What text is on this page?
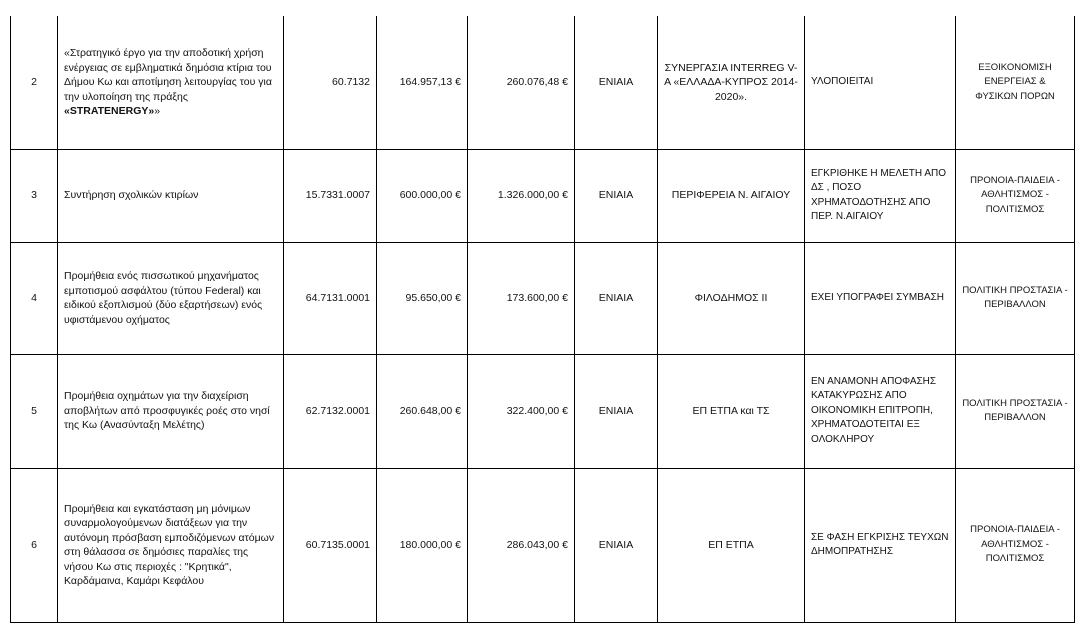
2	«Στρατηγικό έργο για την αποδοτική χρήση ενέργειας σε εμβληματικά δημόσια κτίρια του Δήμου Κω και αποτίμηση λειτουργίας του για την υλοποίηση της πράξης «STRATENERGY»»	60.7132	164.957,13 €	260.076,48 €	ΕΝΙΑΙΑ	ΣΥΝΕΡΓΑΣΙΑ INTERREG V-A «ΕΛΛΑΔΑ-ΚΥΠΡΟΣ 2014-2020».	ΥΛΟΠΟΙΕΙΤΑΙ	ΕΞΟΙΚΟΝΟΜΙΣΗ ΕΝΕΡΓΕΙΑΣ & ΦΥΣΙΚΩΝ ΠΟΡΩΝ
3	Συντήρηση σχολικών κτιρίων	15.7331.0007	600.000,00 €	1.326.000,00 €	ΕΝΙΑΙΑ	ΠΕΡΙΦΕΡΕΙΑ Ν. ΑΙΓΑΙΟΥ	ΕΓΚΡΙΘΗΚΕ Η ΜΕΛΕΤΗ ΑΠΟ ΔΣ , ΠΟΣΟ ΧΡΗΜΑΤΟΔΟΤΗΣΗΣ ΑΠΟ ΠΕΡ. Ν.ΑΙΓΑΙΟΥ	ΠΡΟΝΟΙΑ-ΠΑΙΔΕΙΑ - ΑΘΛΗΤΙΣΜΟΣ - ΠΟΛΙΤΙΣΜΟΣ
4	Προμήθεια ενός πισσωτικού μηχανήματος εμποτισμού ασφάλτου (τύπου Federal) και ειδικού εξοπλισμού (δύο εξαρτήσεων) ενός υφιστάμενου οχήματος	64.7131.0001	95.650,00 €	173.600,00 €	ΕΝΙΑΙΑ	ΦΙΛΟΔΗΜΟΣ ΙΙ	ΕΧΕΙ ΥΠΟΓΡΑΦΕΙ ΣΥΜΒΑΣΗ	ΠΟΛΙΤΙΚΗ ΠΡΟΣΤΑΣΙΑ - ΠΕΡΙΒΑΛΛΟΝ
5	Προμήθεια οχημάτων για την διαχείριση αποβλήτων από προσφυγικές ροές στο νησί της Κω (Ανασύνταξη Μελέτης)	62.7132.0001	260.648,00 €	322.400,00 €	ΕΝΙΑΙΑ	ΕΠ ΕΤΠΑ και ΤΣ	ΕΝ ΑΝΑΜΟΝΗ ΑΠΟΦΑΣΗΣ ΚΑΤΑΚΥΡΩΣΗΣ ΑΠΟ ΟΙΚΟΝΟΜΙΚΗ ΕΠΙΤΡΟΠΗ, ΧΡΗΜΑΤΟΔΟΤΕΙΤΑΙ ΕΞ ΟΛΟΚΛΗΡΟΥ	ΠΟΛΙΤΙΚΗ ΠΡΟΣΤΑΣΙΑ - ΠΕΡΙΒΑΛΛΟΝ
6	Προμήθεια και εγκατάσταση μη μόνιμων συναρμολογούμενων διατάξεων για την αυτόνομη πρόσβαση εμποδιζόμενων ατόμων στη θάλασσα σε δημόσιες παραλίες της νήσου Κω στις περιοχές : "Κρητικά", Καρδάμαινα, Καμάρι Κεφάλου	60.7135.0001	180.000,00 €	286.043,00 €	ΕΝΙΑΙΑ	ΕΠ ΕΤΠΑ	ΣΕ ΦΑΣΗ ΕΓΚΡΙΣΗΣ ΤΕΥΧΩΝ ΔΗΜΟΠΡΑΤΗΣΗΣ	ΠΡΟΝΟΙΑ-ΠΑΙΔΕΙΑ - ΑΘΛΗΤΙΣΜΟΣ - ΠΟΛΙΤΙΣΜΟΣ
